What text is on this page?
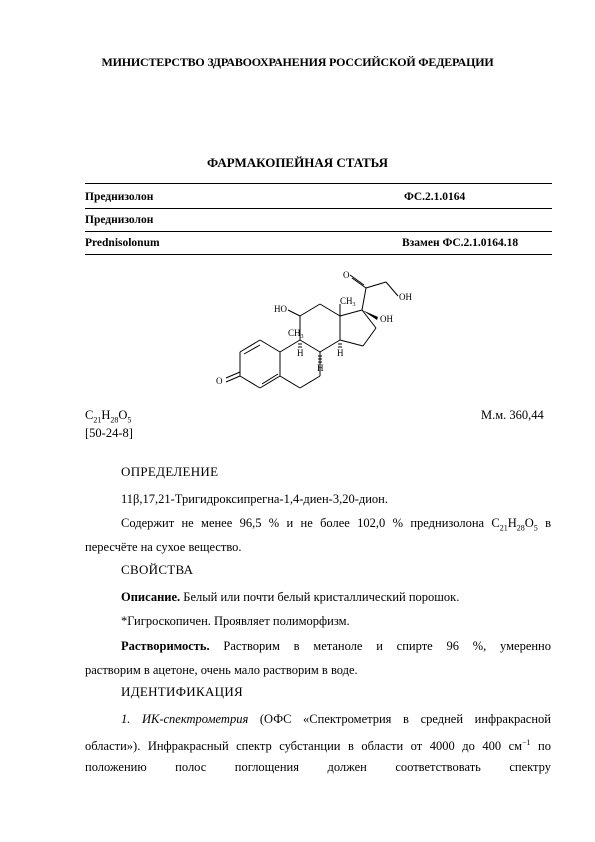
МИНИСТЕРСТВО ЗДРАВООХРАНЕНИЯ РОССИЙСКОЙ ФЕДЕРАЦИИ
ФАРМАКОПЕЙНАЯ СТАТЬЯ
Преднизолон	ФС.2.1.0164
Преднизолон
Prednisolonum	Взамен ФС.2.1.0164.18
O
OH
HO
$CH_3$
OH
$CH_3$
H
H	H
O
$C_{21}H_{28}O_5$	М.м. 360,44
[50-24-8]
ОПРЕДЕЛЕНИЕ
11β,17,21-Тригидроксипрегна-1,4-диен-3,20-дион.
Содержит не менее 96,5 % и не более 102,0 % преднизолона $C_{21}H_{28}O_5$ в
пересчёте на сухое вещество.
СВОЙСТВА
Описание. Белый или почти белый кристаллический порошок.
*Гигроскопичен. Проявляет полиморфизм.
Растворимость. Растворим в метаноле и спирте 96 %, умеренно
растворим в ацетоне, очень мало растворим в воде.
ИДЕНТИФИКАЦИЯ
1. ИК-спектрометрия (ОФС «Спектрометрия в средней инфракрасной
области»). Инфракрасный спектр субстанции в области от 4000 до 400 $см^{-1}$ по
положению полос поглощения должен соответствовать спектру
